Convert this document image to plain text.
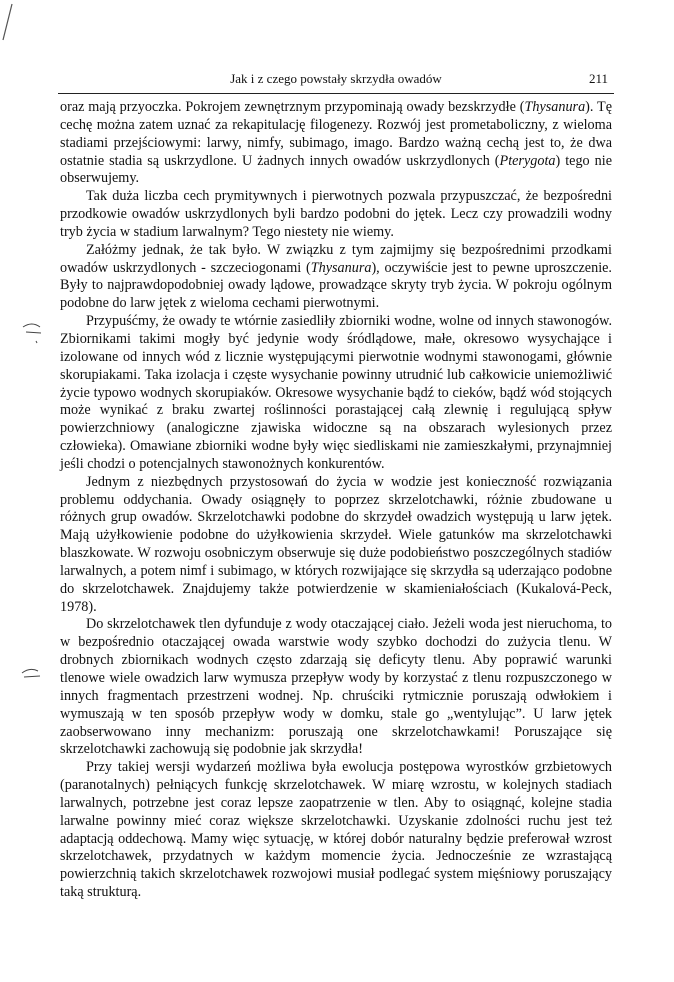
Jak i z czego powstały skrzydła owadów	211

oraz mają przyoczka. Pokrojem zewnętrznym przypominają owady bezskrzydłe (Thysanura). Tę cechę można zatem uznać za rekapitulację filogenezy. Rozwój jest prometaboliczny, z wieloma stadiami przejściowymi: larwy, nimfy, subimago, imago. Bardzo ważną cechą jest to, że dwa ostatnie stadia są uskrzydlone. U żadnych innych owadów uskrzydlonych (Pterygota) tego nie obserwujemy.

Tak duża liczba cech prymitywnych i pierwotnych pozwala przypuszczać, że bezpośredni przodkowie owadów uskrzydlonych byli bardzo podobni do jętek. Lecz czy prowadzili wodny tryb życia w stadium larwalnym? Tego niestety nie wiemy.

Załóżmy jednak, że tak było. W związku z tym zajmijmy się bezpośrednimi przodkami owadów uskrzydlonych - szczeciogonami (Thysanura), oczywiście jest to pewne uproszczenie. Były to najprawdopodobniej owady lądowe, prowadzące skryty tryb życia. W pokroju ogólnym podobne do larw jętek z wieloma cechami pierwotnymi.

Przypuśćmy, że owady te wtórnie zasiedliły zbiorniki wodne, wolne od innych stawonogów. Zbiornikami takimi mogły być jedynie wody śródlądowe, małe, okresowo wysychające i izolowane od innych wód z licznie występującymi pierwotnie wodnymi stawonogami, głównie skorupiakami. Taka izolacja i częste wysychanie powinny utrudnić lub całkowicie uniemożliwić życie typowo wodnych skorupiaków. Okresowe wysychanie bądź to cieków, bądź wód stojących może wynikać z braku zwartej roślinności porastającej całą zlewnię i regulującą spływ powierzchniowy (analogiczne zjawiska widoczne są na obszarach wylesionych przez człowieka). Omawiane zbiorniki wodne były więc siedliskami nie zamieszkałymi, przynajmniej jeśli chodzi o potencjalnych stawonożnych konkurentów.

Jednym z niezbędnych przystosowań do życia w wodzie jest konieczność rozwiązania problemu oddychania. Owady osiągnęły to poprzez skrzelotchawki, różnie zbudowane u różnych grup owadów. Skrzelotchawki podobne do skrzydeł owadzich występują u larw jętek. Mają użyłkowienie podobne do użyłkowienia skrzydeł. Wiele gatunków ma skrzelotchawki blaszkowate. W rozwoju osobniczym obserwuje się duże podobieństwo poszczególnych stadiów larwalnych, a potem nimf i subimago, w których rozwijające się skrzydła są uderzająco podobne do skrzelotchawek. Znajdujemy także potwierdzenie w skamieniałościach (Kukalová-Peck, 1978).

Do skrzelotchawek tlen dyfunduje z wody otaczającej ciało. Jeżeli woda jest nieruchoma, to w bezpośrednio otaczającej owada warstwie wody szybko dochodzi do zużycia tlenu. W drobnych zbiornikach wodnych często zdarzają się deficyty tlenu. Aby poprawić warunki tlenowe wiele owadzich larw wymusza przepływ wody by korzystać z tlenu rozpuszczonego w innych fragmentach przestrzeni wodnej. Np. chruściki rytmicznie poruszają odwłokiem i wymuszają w ten sposób przepływ wody w domku, stale go „wentylując”. U larw jętek zaobserwowano inny mechanizm: poruszają one skrzelotchawkami! Poruszające się skrzelotchawki zachowują się podobnie jak skrzydła!

Przy takiej wersji wydarzeń możliwa była ewolucja postępowa wyrostków grzbietowych (paranotalnych) pełniących funkcję skrzelotchawek. W miarę wzrostu, w kolejnych stadiach larwalnych, potrzebne jest coraz lepsze zaopatrzenie w tlen. Aby to osiągnąć, kolejne stadia larwalne powinny mieć coraz większe skrzelotchawki. Uzyskanie zdolności ruchu jest też adaptacją oddechową. Mamy więc sytuację, w której dobór naturalny będzie preferował wzrost skrzelotchawek, przydatnych w każdym momencie życia. Jednocześnie ze wzrastającą powierzchnią takich skrzelotchawek rozwojowi musiał podlegać system mięśniowy poruszający taką strukturą.
